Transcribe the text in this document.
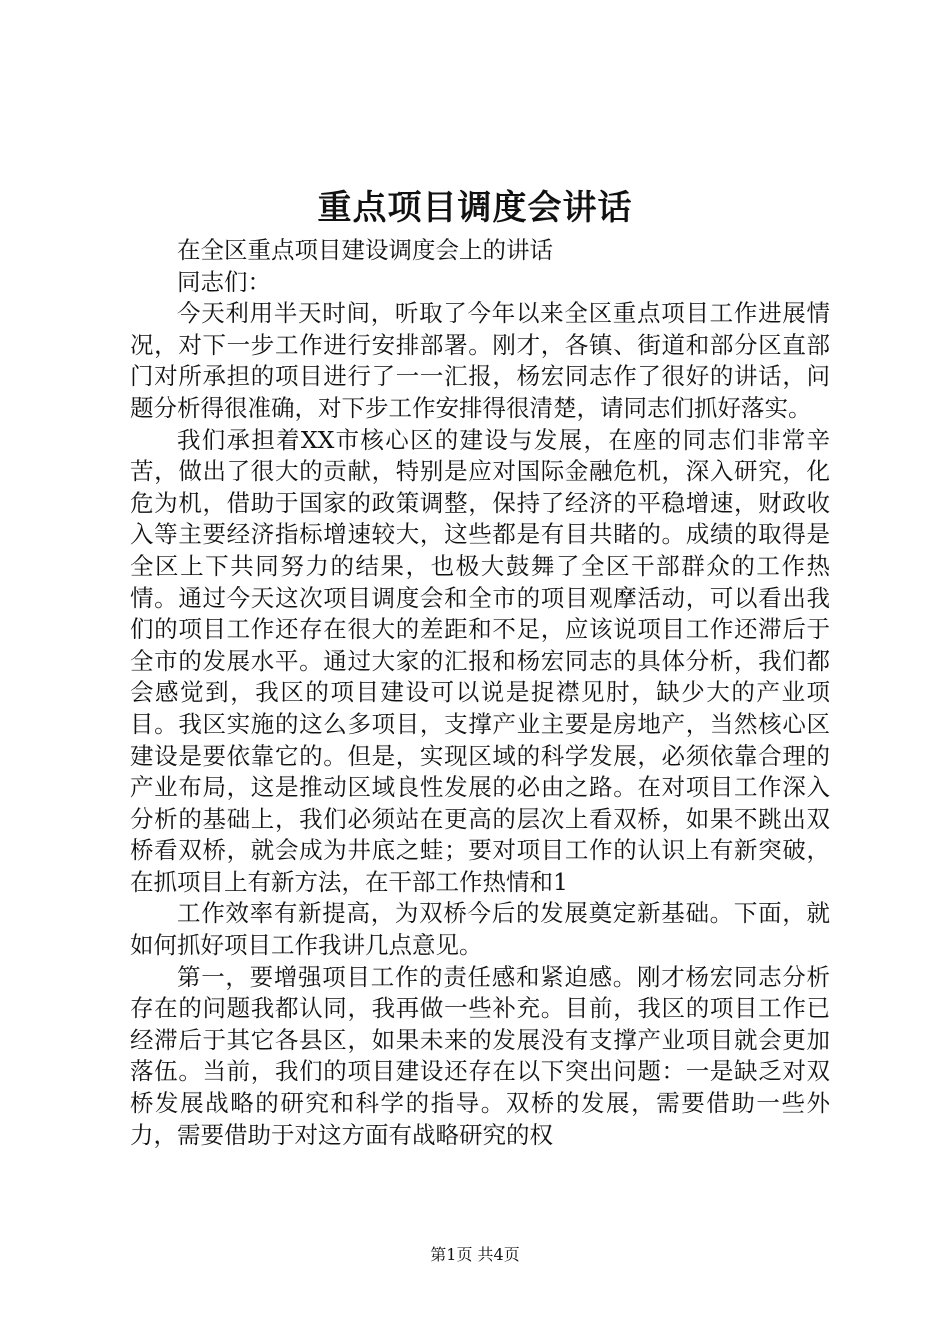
重点项目调度会讲话

在全区重点项目建设调度会上的讲话

同志们：

今天利用半天时间，听取了今年以来全区重点项目工作进展情况，对下一步工作进行安排部署。刚才，各镇、街道和部分区直部门对所承担的项目进行了一一汇报，杨宏同志作了很好的讲话，问题分析得很准确，对下步工作安排得很清楚，请同志们抓好落实。

我们承担着XX市核心区的建设与发展，在座的同志们非常辛苦，做出了很大的贡献，特别是应对国际金融危机，深入研究，化危为机，借助于国家的政策调整，保持了经济的平稳增速，财政收入等主要经济指标增速较大，这些都是有目共睹的。成绩的取得是全区上下共同努力的结果，也极大鼓舞了全区干部群众的工作热情。通过今天这次项目调度会和全市的项目观摩活动，可以看出我们的项目工作还存在很大的差距和不足，应该说项目工作还滞后于全市的发展水平。通过大家的汇报和杨宏同志的具体分析，我们都会感觉到，我区的项目建设可以说是捉襟见肘，缺少大的产业项目。我区实施的这么多项目，支撑产业主要是房地产，当然核心区建设是要依靠它的。但是，实现区域的科学发展，必须依靠合理的产业布局，这是推动区域良性发展的必由之路。在对项目工作深入分析的基础上，我们必须站在更高的层次上看双桥，如果不跳出双桥看双桥，就会成为井底之蛙；要对项目工作的认识上有新突破，在抓项目上有新方法，在干部工作热情和1

工作效率有新提高，为双桥今后的发展奠定新基础。下面，就如何抓好项目工作我讲几点意见。

第一，要增强项目工作的责任感和紧迫感。刚才杨宏同志分析存在的问题我都认同，我再做一些补充。目前，我区的项目工作已经滞后于其它各县区，如果未来的发展没有支撑产业项目就会更加落伍。当前，我们的项目建设还存在以下突出问题：一是缺乏对双桥发展战略的研究和科学的指导。双桥的发展，需要借助一些外力，需要借助于对这方面有战略研究的权

第1页 共4页
